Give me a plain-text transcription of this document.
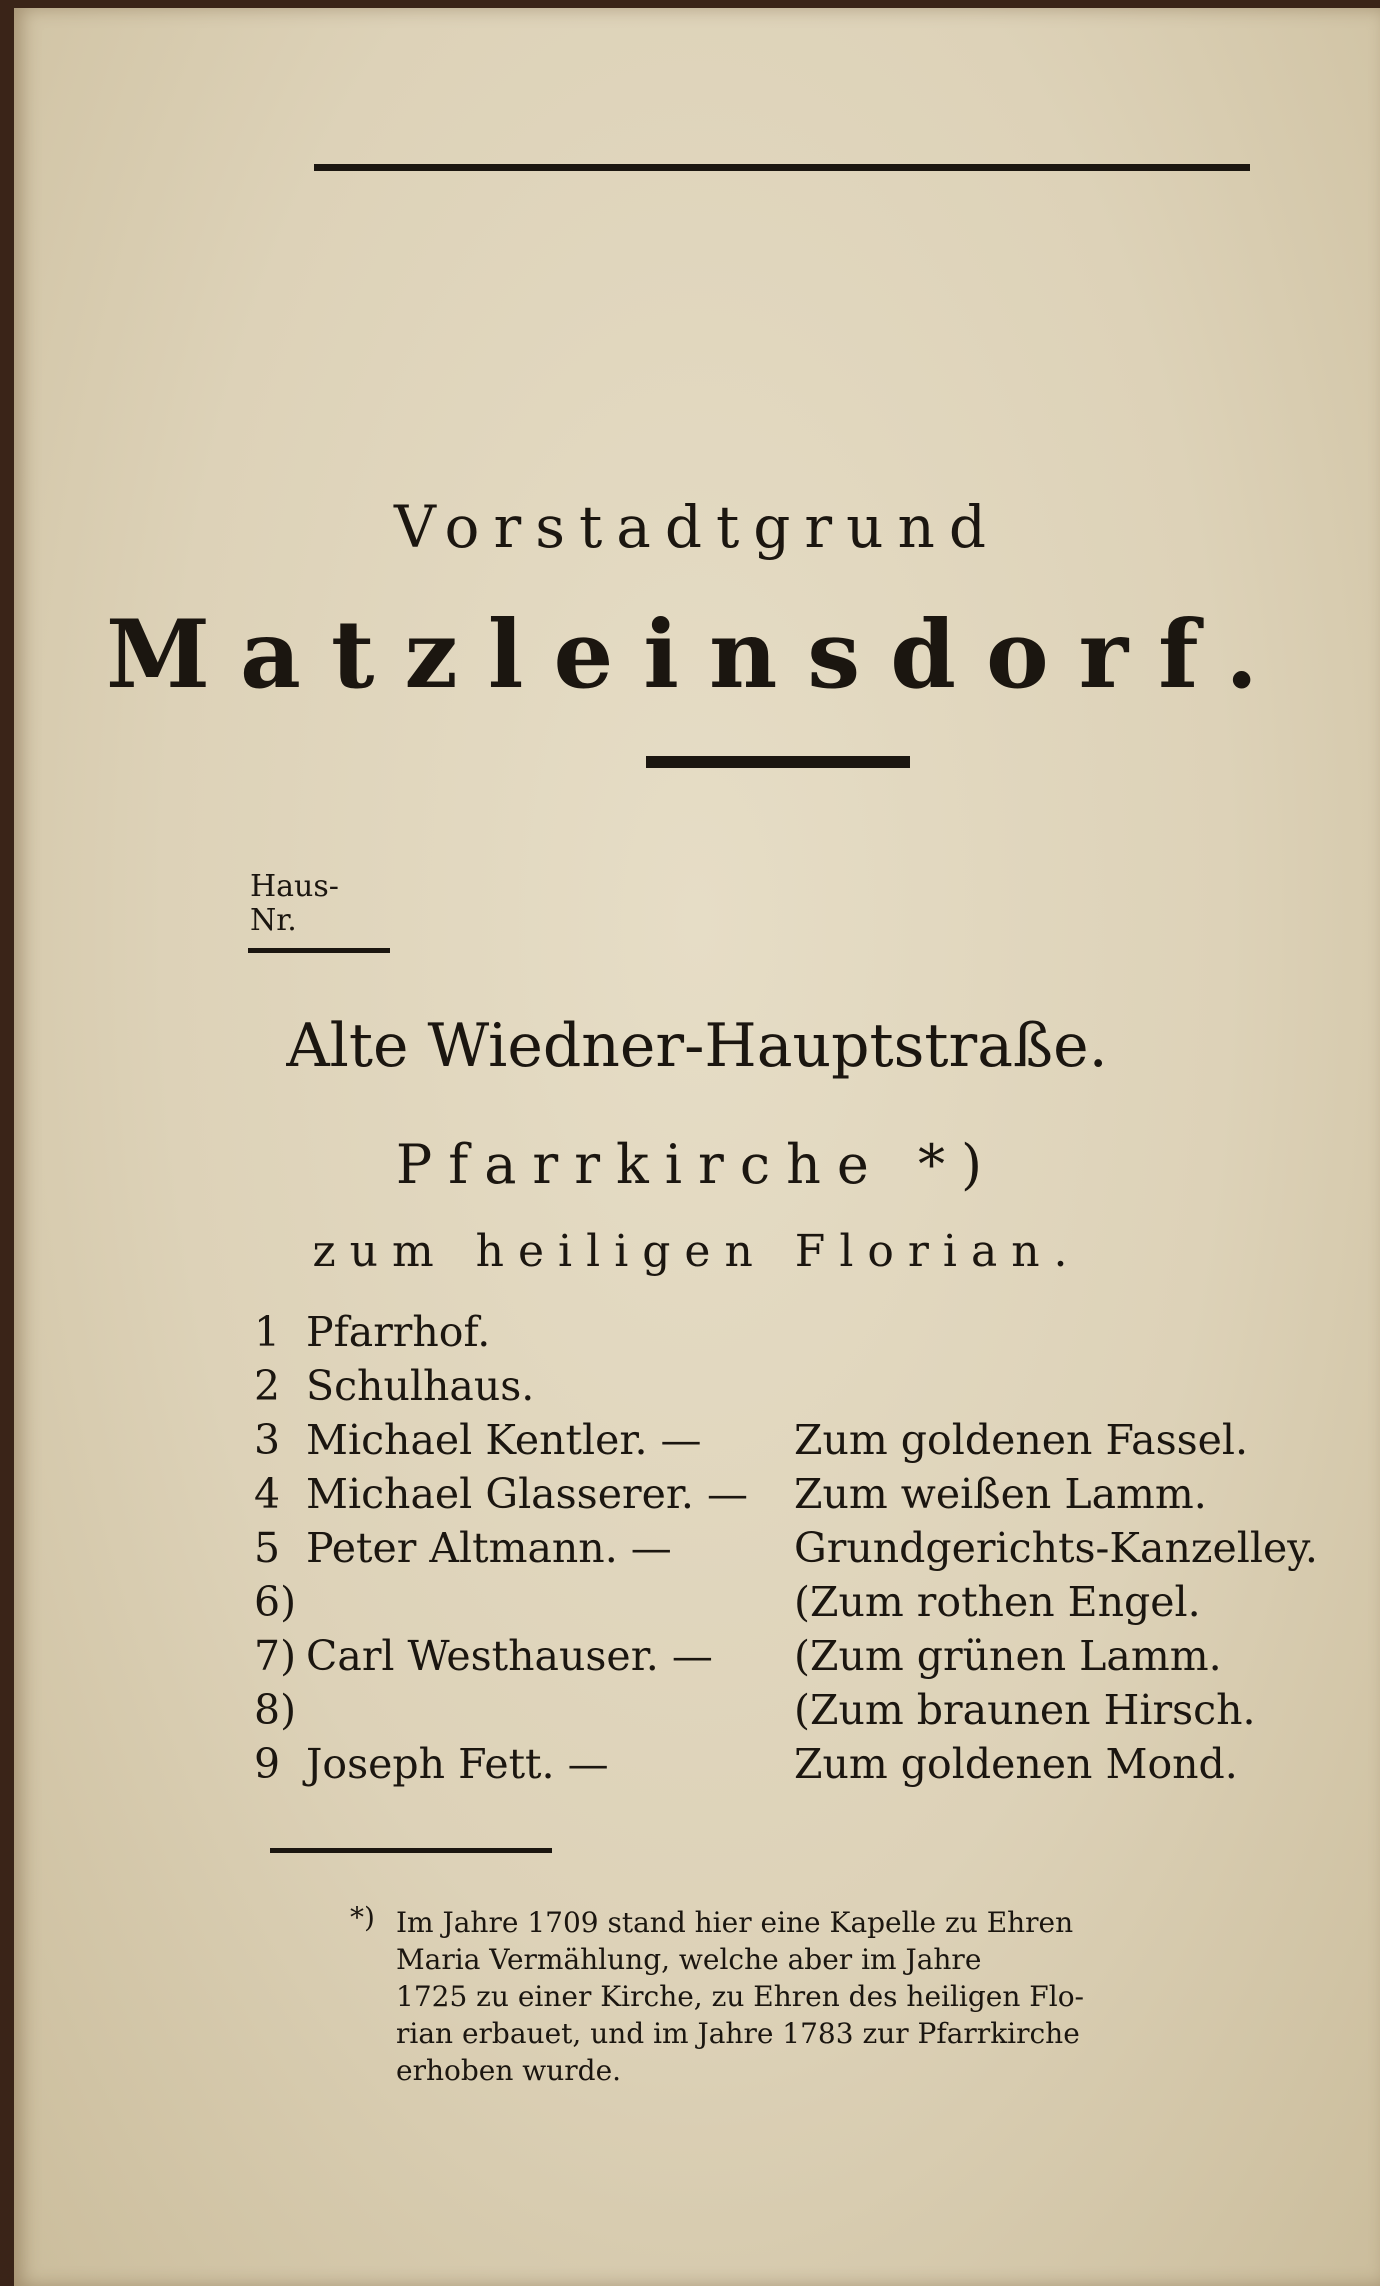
Vorstadtgrund
Matzleinsdorf.
Haus-
Nr.
Alte Wiedner-Hauptstraße.
Pfarrkirche *)
zum heiligen Florian.
1 Pfarrhof.
2 Schulhaus.
3 Michael Kentler. — Zum goldenen Fassel.
4 Michael Glasserer. — Zum weißen Lamm.
5 Peter Altmann. —	Grundgerichts-Kanzelley.
6)	(Zum rothen Engel.
7) Carl Westhauser. — (Zum grünen Lamm.
8)	(Zum braunen Hirsch.
9 Joseph Fett. —	Zum goldenen Mond.
*) Im Jahre 1709 stand hier eine Kapelle zu Ehren
Maria Vermählung, welche aber im Jahre
1725 zu einer Kirche, zu Ehren des heiligen Flo-
rian erbauet, und im Jahre 1783 zur Pfarrkirche
erhoben wurde.
